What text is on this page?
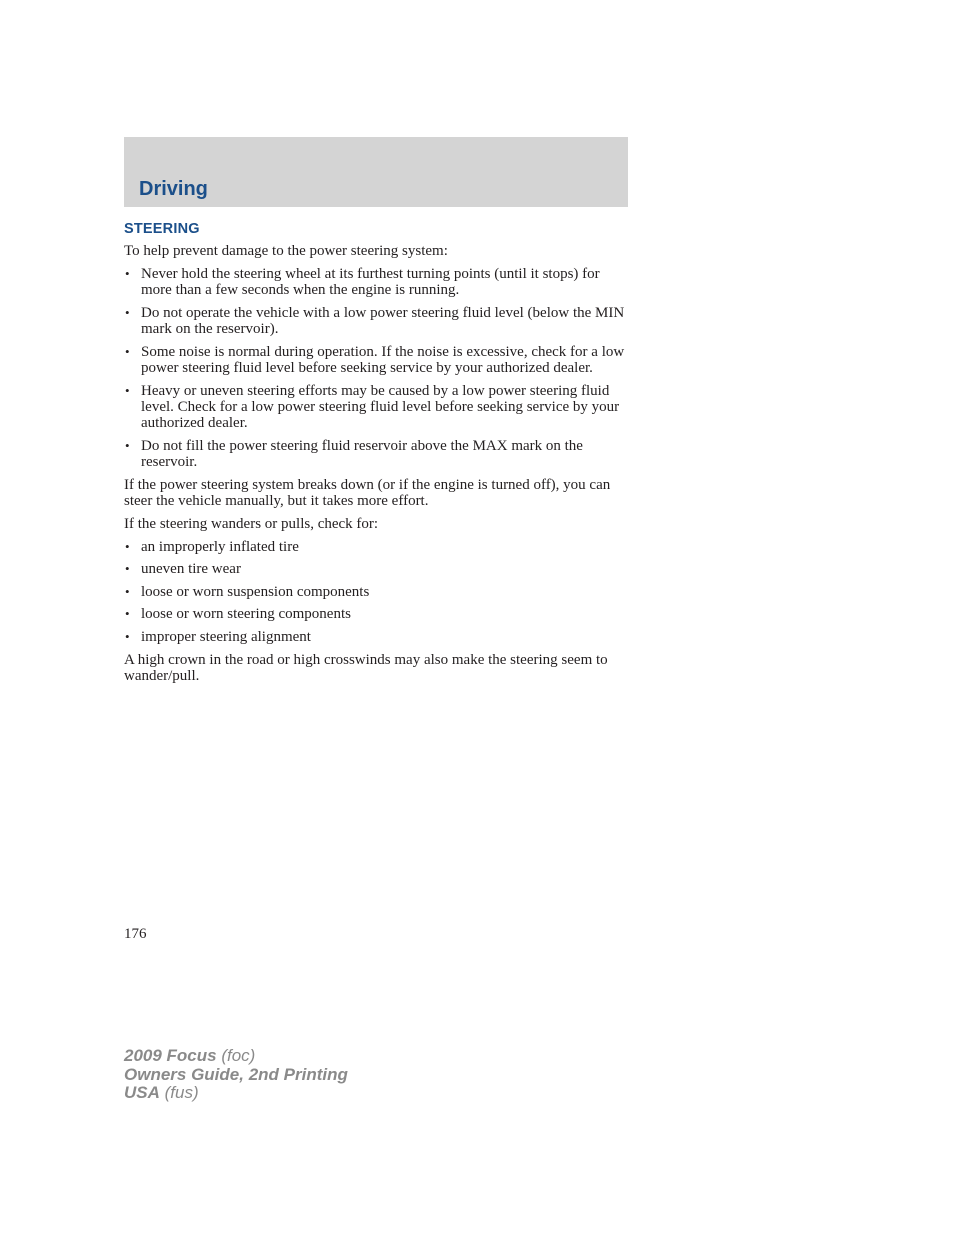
Driving
STEERING

To help prevent damage to the power steering system:

• Never hold the steering wheel at its furthest turning points (until it stops) for more than a few seconds when the engine is running.
• Do not operate the vehicle with a low power steering fluid level (below the MIN mark on the reservoir).
• Some noise is normal during operation. If the noise is excessive, check for a low power steering fluid level before seeking service by your authorized dealer.
• Heavy or uneven steering efforts may be caused by a low power steering fluid level. Check for a low power steering fluid level before seeking service by your authorized dealer.
• Do not fill the power steering fluid reservoir above the MAX mark on the reservoir.

If the power steering system breaks down (or if the engine is turned off), you can steer the vehicle manually, but it takes more effort.

If the steering wanders or pulls, check for:

• an improperly inflated tire
• uneven tire wear
• loose or worn suspension components
• loose or worn steering components
• improper steering alignment

A high crown in the road or high crosswinds may also make the steering seem to wander/pull.

176
2009 Focus (foc)
Owners Guide, 2nd Printing
USA (fus)
